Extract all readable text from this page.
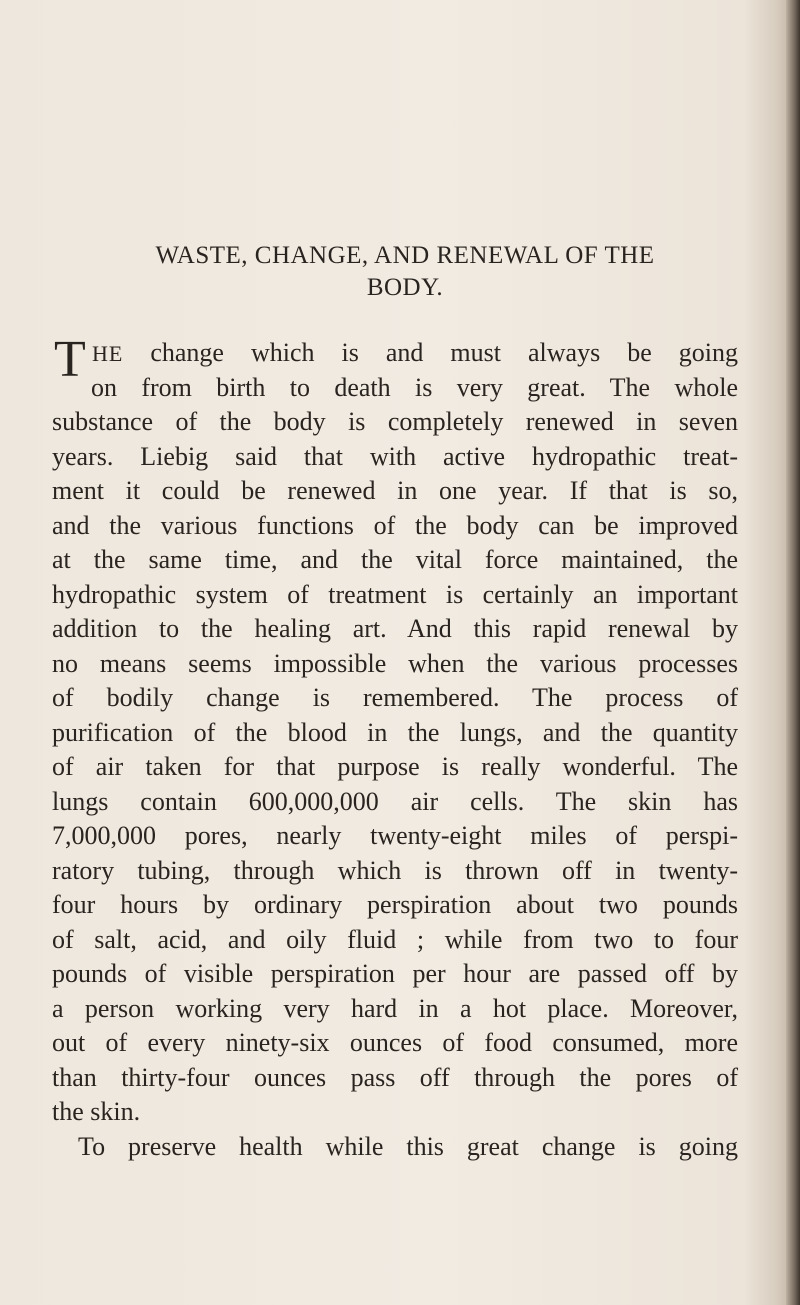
WASTE, CHANGE, AND RENEWAL OF THE
BODY.
T HE change which is and must always be going
on from birth to death is very great. The whole
substance of the body is completely renewed in seven
years. Liebig said that with active hydropathic treat-
ment it could be renewed in one year. If that is so,
and the various functions of the body can be improved
at the same time, and the vital force maintained, the
hydropathic system of treatment is certainly an important
addition to the healing art. And this rapid renewal by
no means seems impossible when the various processes
of bodily change is remembered. The process of
purification of the blood in the lungs, and the quantity
of air taken for that purpose is really wonderful. The
lungs contain 600,000,000 air cells. The skin has
7,000,000 pores, nearly twenty-eight miles of perspi-
ratory tubing, through which is thrown off in twenty-
four hours by ordinary perspiration about two pounds
of salt, acid, and oily fluid ; while from two to four
pounds of visible perspiration per hour are passed off by
a person working very hard in a hot place. Moreover,
out of every ninety-six ounces of food consumed, more
than thirty-four ounces pass off through the pores of
the skin.
To preserve health while this great change is going
